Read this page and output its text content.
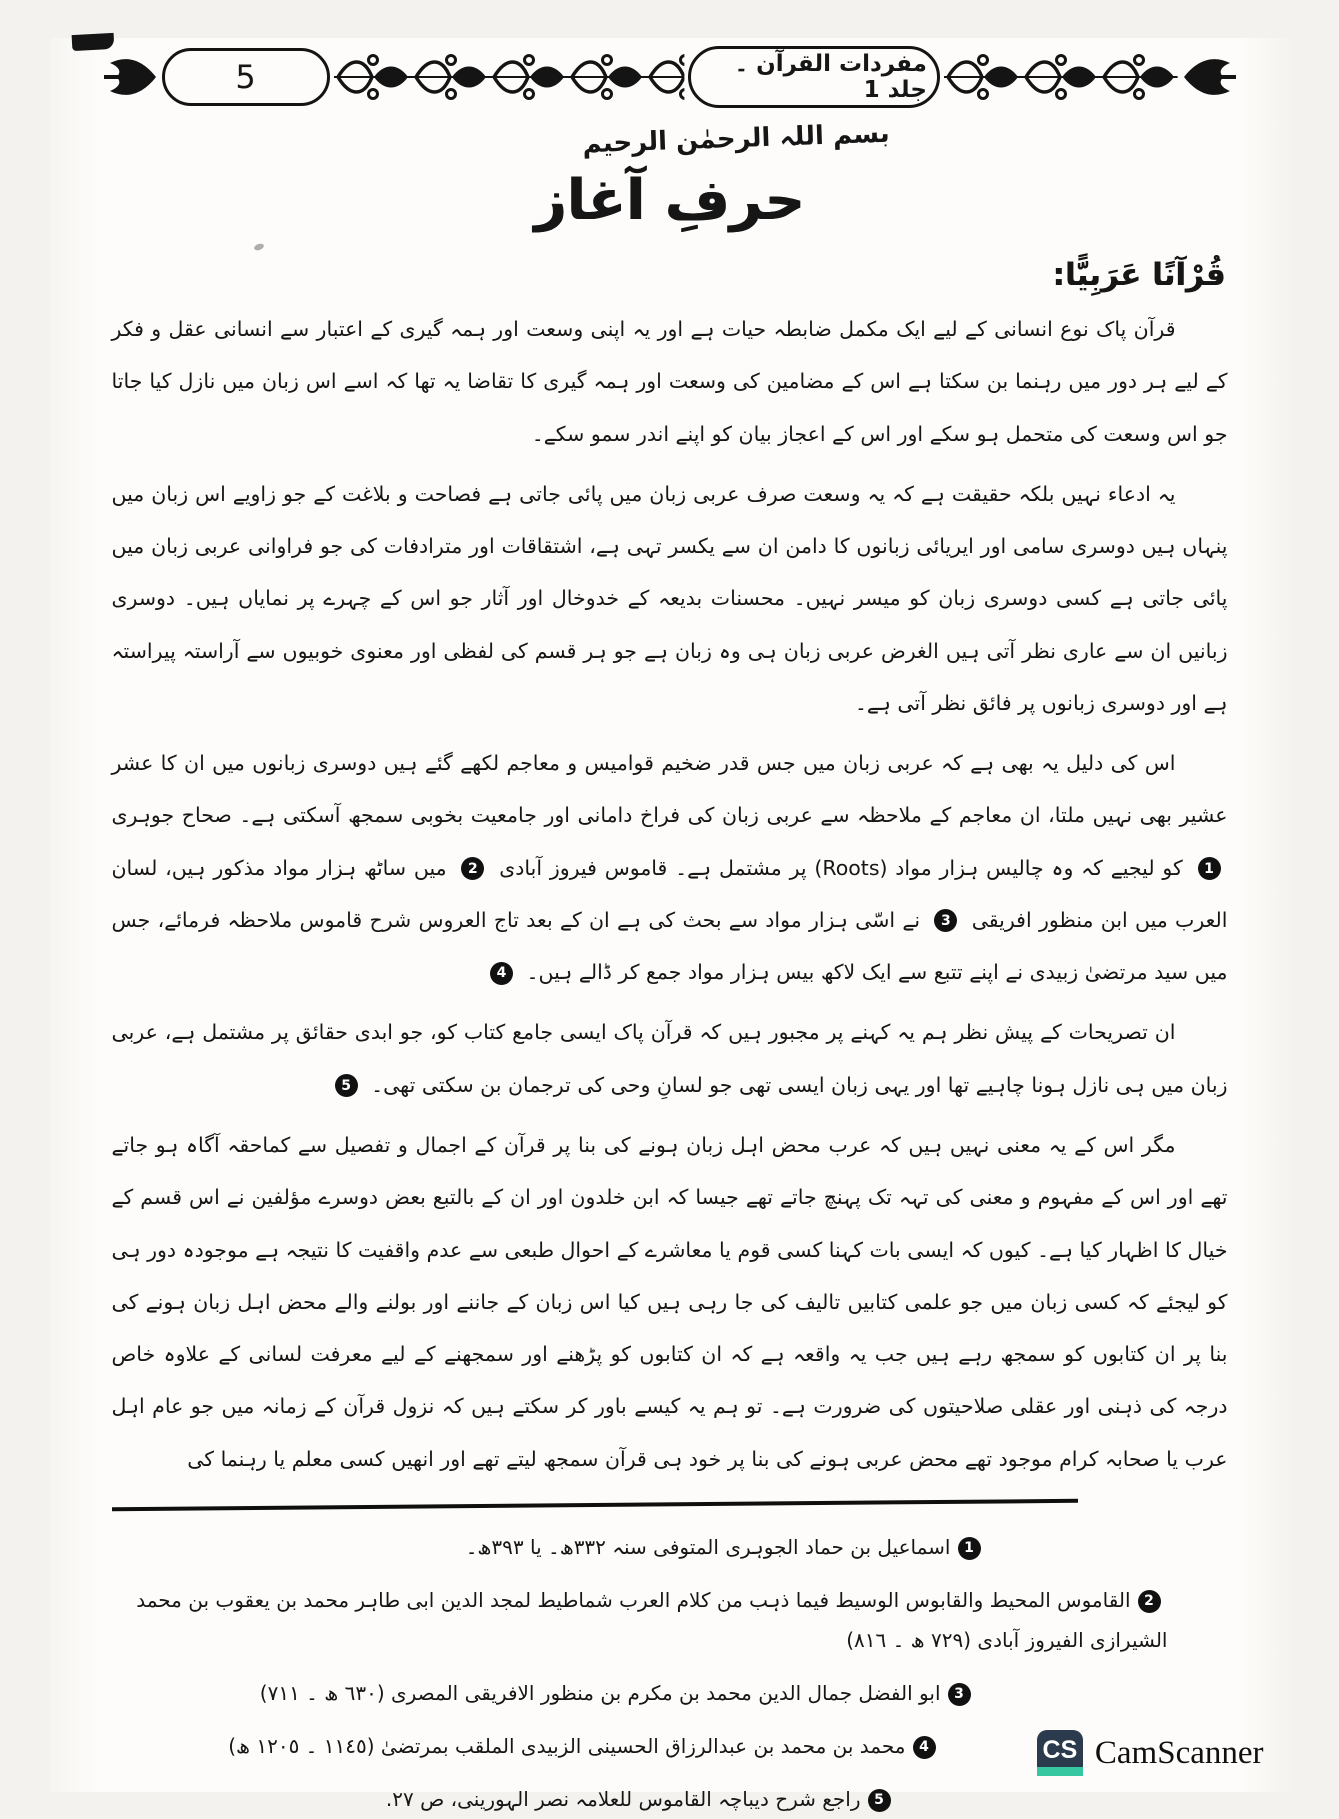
5	مفردات القرآن ۔ جلد 1
بسم اللہ الرحمٰن الرحیم
حرفِ آغاز
قُرْآنًا عَرَبِيًّا:

قرآن پاک نوع انسانی کے لیے ایک مکمل ضابطہ حیات ہے اور یہ اپنی وسعت اور ہمہ گیری کے اعتبار سے انسانی عقل و فکر کے لیے ہر دور میں رہنما بن سکتا ہے اس کے مضامین کی وسعت اور ہمہ گیری کا تقاضا یہ تھا کہ اسے اس زبان میں نازل کیا جاتا جو اس وسعت کی متحمل ہو سکے اور اس کے اعجاز بیان کو اپنے اندر سمو سکے۔

یہ ادعاء نہیں بلکہ حقیقت ہے کہ یہ وسعت صرف عربی زبان میں پائی جاتی ہے فصاحت و بلاغت کے جو زاویے اس زبان میں پنہاں ہیں دوسری سامی اور ایریائی زبانوں کا دامن ان سے یکسر تہی ہے، اشتقاقات اور مترادفات کی جو فراوانی عربی زبان میں پائی جاتی ہے کسی دوسری زبان کو میسر نہیں۔ محسنات بدیعہ کے خدوخال اور آثار جو اس کے چہرے پر نمایاں ہیں۔ دوسری زبانیں ان سے عاری نظر آتی ہیں الغرض عربی زبان ہی وہ زبان ہے جو ہر قسم کی لفظی اور معنوی خوبیوں سے آراستہ پیراستہ ہے اور دوسری زبانوں پر فائق نظر آتی ہے۔

اس کی دلیل یہ بھی ہے کہ عربی زبان میں جس قدر ضخیم قوامیس و معاجم لکھے گئے ہیں دوسری زبانوں میں ان کا عشر عشیر بھی نہیں ملتا، ان معاجم کے ملاحظہ سے عربی زبان کی فراخ دامانی اور جامعیت بخوبی سمجھ آسکتی ہے۔ صحاح جوہری 1 کو لیجیے کہ وہ چالیس ہزار مواد (Roots) پر مشتمل ہے۔ قاموس فیروز آبادی 2 میں ساٹھ ہزار مواد مذکور ہیں، لسان العرب میں ابن منظور افریقی 3 نے اسّی ہزار مواد سے بحث کی ہے ان کے بعد تاج العروس شرح قاموس ملاحظہ فرمائے، جس میں سید مرتضیٰ زبیدی نے اپنے تتبع سے ایک لاکھ بیس ہزار مواد جمع کر ڈالے ہیں۔ 4

ان تصریحات کے پیش نظر ہم یہ کہنے پر مجبور ہیں کہ قرآن پاک ایسی جامع کتاب کو، جو ابدی حقائق پر مشتمل ہے، عربی زبان میں ہی نازل ہونا چاہیے تھا اور یہی زبان ایسی تھی جو لسانِ وحی کی ترجمان بن سکتی تھی۔ 5

مگر اس کے یہ معنی نہیں ہیں کہ عرب محض اہل زبان ہونے کی بنا پر قرآن کے اجمال و تفصیل سے کماحقہ آگاہ ہو جاتے تھے اور اس کے مفہوم و معنی کی تہہ تک پہنچ جاتے تھے جیسا کہ ابن خلدون اور ان کے بالتبع بعض دوسرے مؤلفین نے اس قسم کے خیال کا اظہار کیا ہے۔ کیوں کہ ایسی بات کہنا کسی قوم یا معاشرے کے احوال طبعی سے عدم واقفیت کا نتیجہ ہے موجودہ دور ہی کو لیجئے کہ کسی زبان میں جو علمی کتابیں تالیف کی جا رہی ہیں کیا اس زبان کے جاننے اور بولنے والے محض اہل زبان ہونے کی بنا پر ان کتابوں کو سمجھ رہے ہیں جب یہ واقعہ ہے کہ ان کتابوں کو پڑھنے اور سمجھنے کے لیے معرفت لسانی کے علاوہ خاص درجہ کی ذہنی اور عقلی صلاحیتوں کی ضرورت ہے۔ تو ہم یہ کیسے باور کر سکتے ہیں کہ نزول قرآن کے زمانہ میں جو عام اہل عرب یا صحابہ کرام موجود تھے محض عربی ہونے کی بنا پر خود ہی قرآن سمجھ لیتے تھے اور انھیں کسی معلم یا رہنما کی

1اسماعیل بن حماد الجوہری المتوفی سنہ ٣٣٢ھ۔ یا ٣٩٣ھ۔
2القاموس المحیط والقابوس الوسیط فیما ذہب من کلام العرب شماطیط لمجد الدین ابی طاہر محمد بن یعقوب بن محمد الشیرازی الفیروز آبادی (٧٢٩ ھ ۔ ٨١٦)
3ابو الفضل جمال الدین محمد بن مکرم بن منظور الافریقی المصری (٦٣٠ ھ ۔ ٧١١)
4محمد بن محمد بن عبدالرزاق الحسینی الزبیدی الملقب بمرتضیٰ (١١٤٥ ۔ ١٢٠٥ ھ)
5راجع شرح دیباچہ القاموس للعلامہ نصر الہورینی، ص ٢٧.
CS CamScanner
